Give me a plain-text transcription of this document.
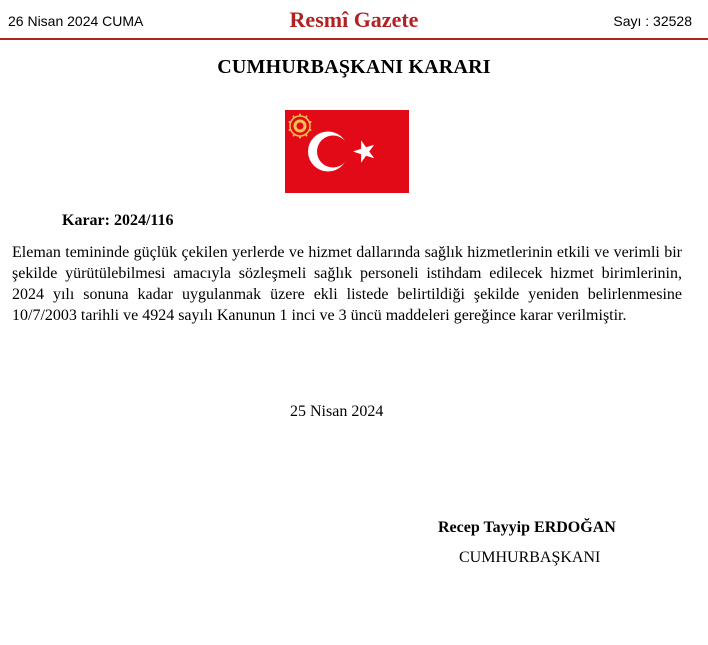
26 Nisan 2024 CUMA	Resmî Gazete	Sayı : 32528
CUMHURBAŞKANI KARARI
Karar: 2024/116
Eleman temininde güçlük çekilen yerlerde ve hizmet dallarında sağlık hizmetlerinin etkili ve verimli bir şekilde yürütülebilmesi amacıyla sözleşmeli sağlık personeli istihdam edilecek hizmet birimlerinin, 2024 yılı sonuna kadar uygulanmak üzere ekli listede belirtildiği şekilde yeniden belirlenmesine 10/7/2003 tarihli ve 4924 sayılı Kanunun 1 inci ve 3 üncü maddeleri gereğince karar verilmiştir.
25 Nisan 2024
Recep Tayyip ERDOĞAN
CUMHURBAŞKANI
